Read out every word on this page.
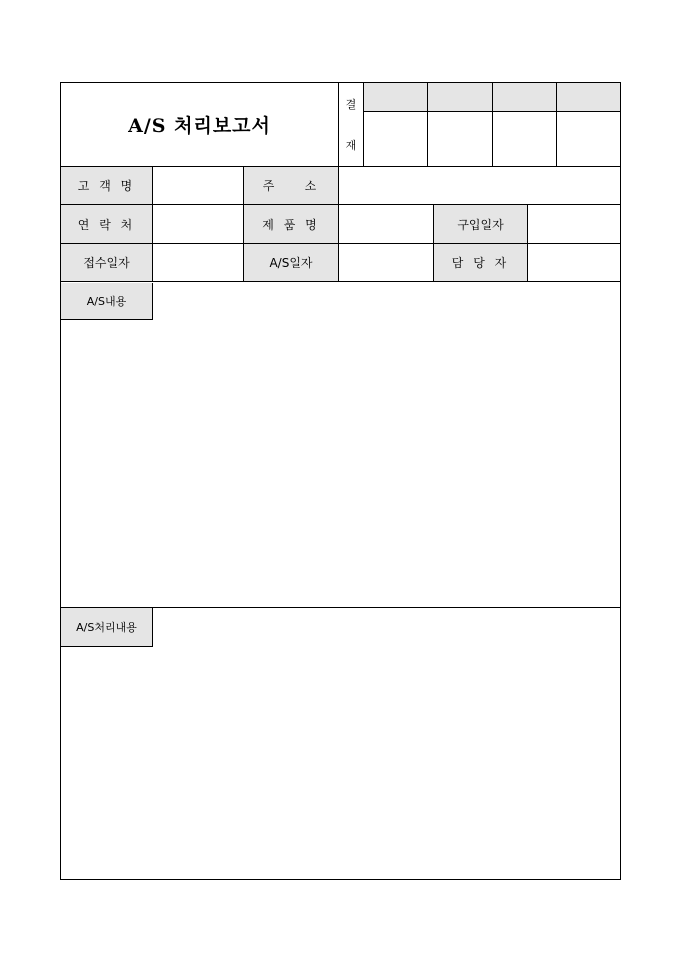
A/S 처리보고서
결
재
고 객 명	주    소
연 락 처	제 품 명	구입일자
접수일자	A/S일자	담 당 자
A/S내용
A/S처리내용
